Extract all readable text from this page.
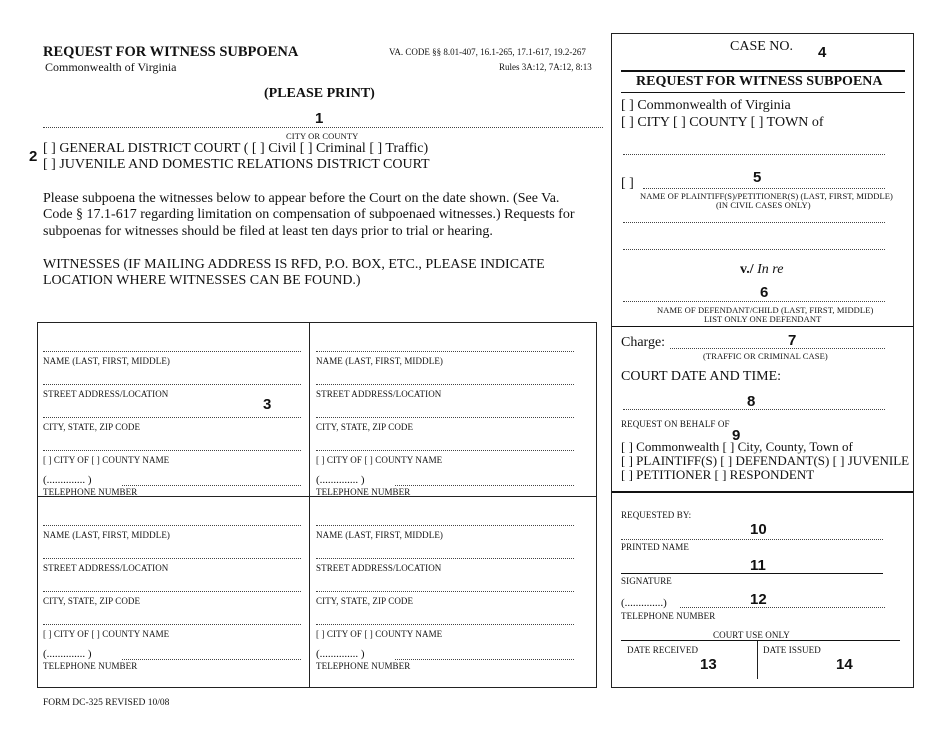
REQUEST FOR WITNESS SUBPOENA
Commonwealth of Virginia
VA. CODE §§ 8.01-407, 16.1-265, 17.1-617, 19.2-267
Rules 3A:12, 7A:12, 8:13
(PLEASE PRINT)
1
CITY OR COUNTY
2 [ ] GENERAL DISTRICT COURT ( [ ] Civil [ ] Criminal [ ] Traffic)
[ ] JUVENILE AND DOMESTIC RELATIONS DISTRICT COURT
Please subpoena the witnesses below to appear before the Court on the date shown. (See Va.
Code § 17.1-617 regarding limitation on compensation of subpoenaed witnesses.) Requests for
subpoenas for witnesses should be filed at least ten days prior to trial or hearing.
WITNESSES (IF MAILING ADDRESS IS RFD, P.O. BOX, ETC., PLEASE INDICATE
LOCATION WHERE WITNESSES CAN BE FOUND.)
3
NAME (LAST, FIRST, MIDDLE)
STREET ADDRESS/LOCATION
CITY, STATE, ZIP CODE
[ ] CITY OF [ ] COUNTY NAME
(.............. )
TELEPHONE NUMBER
NAME (LAST, FIRST, MIDDLE)
STREET ADDRESS/LOCATION
CITY, STATE, ZIP CODE
[ ] CITY OF [ ] COUNTY NAME
(.............. )
TELEPHONE NUMBER
NAME (LAST, FIRST, MIDDLE)
STREET ADDRESS/LOCATION
CITY, STATE, ZIP CODE
[ ] CITY OF [ ] COUNTY NAME
(.............. )
TELEPHONE NUMBER
NAME (LAST, FIRST, MIDDLE)
STREET ADDRESS/LOCATION
CITY, STATE, ZIP CODE
[ ] CITY OF [ ] COUNTY NAME
(.............. )
TELEPHONE NUMBER
FORM DC-325 REVISED 10/08
CASE NO. 4
REQUEST FOR WITNESS SUBPOENA
[ ] Commonwealth of Virginia
[ ] CITY [ ] COUNTY [ ] TOWN of
[ ]	5
NAME OF PLAINTIFF(S)/PETITIONER(S) (LAST, FIRST, MIDDLE)
(IN CIVIL CASES ONLY)
v./ In re
6
NAME OF DEFENDANT/CHILD (LAST, FIRST, MIDDLE)
LIST ONLY ONE DEFENDANT
Charge:	7
(TRAFFIC OR CRIMINAL CASE)
COURT DATE AND TIME:
8
REQUEST ON BEHALF OF
9
[ ] Commonwealth [ ] City, County, Town of
[ ] PLAINTIFF(S) [ ] DEFENDANT(S) [ ] JUVENILE
[ ] PETITIONER [ ] RESPONDENT
REQUESTED BY:
10
PRINTED NAME
11
SIGNATURE
(..............)	12
TELEPHONE NUMBER
COURT USE ONLY
DATE RECEIVED	DATE ISSUED
13	14
